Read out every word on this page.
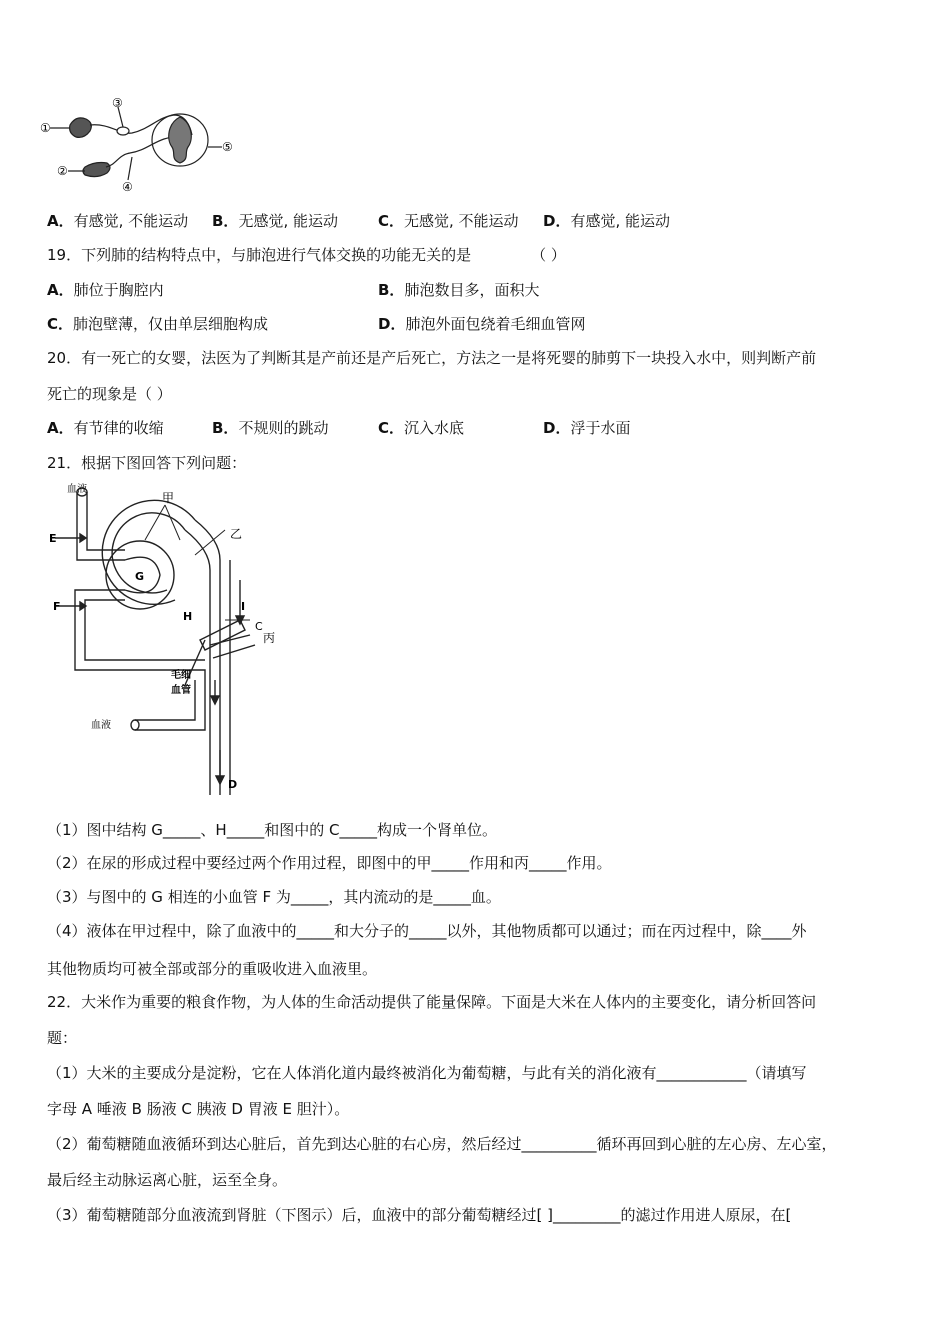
①
②
③
④
⑤
A．有感觉, 不能运动 B．无感觉, 能运动	C．无感觉, 不能运动 D．有感觉, 能运动
19．下列肺的结构特点中，与肺泡进行气体交换的功能无关的是	（ ）
A．肺位于胸腔内	B．肺泡数目多，面积大
C．肺泡壁薄，仅由单层细胞构成	D．肺泡外面包绕着毛细血管网
20．有一死亡的女婴，法医为了判断其是产前还是产后死亡，方法之一是将死婴的肺剪下一块投入水中，则判断产前
死亡的现象是（ ）
A．有节律的收缩	B．不规则的跳动	C．沉入水底	D．浮于水面
21．根据下图回答下列问题：
血液
甲
乙
E
G
F
H
I
C
丙
毛细
血管
血液
D
（1）图中结构 G_____、H_____和图中的 C_____构成一个肾单位。
（2）在尿的形成过程中要经过两个作用过程，即图中的甲_____作用和丙_____作用。
（3）与图中的 G 相连的小血管 F 为_____，其内流动的是_____血。
（4）液体在甲过程中，除了血液中的_____和大分子的_____以外，其他物质都可以通过；而在丙过程中，除____外
其他物质均可被全部或部分的重吸收进入血液里。
22．大米作为重要的粮食作物，为人体的生命活动提供了能量保障。下面是大米在人体内的主要变化，请分析回答问
题：
（1）大米的主要成分是淀粉，它在人体消化道内最终被消化为葡萄糖，与此有关的消化液有____________（请填写
字母 A 唾液 B 肠液 C 胰液 D 胃液 E 胆汁）。
（2）葡萄糖随血液循环到达心脏后，首先到达心脏的右心房，然后经过__________循环再回到心脏的左心房、左心室，
最后经主动脉运离心脏，运至全身。
（3）葡萄糖随部分血液流到肾脏（下图示）后，血液中的部分葡萄糖经过[ ]_________的滤过作用进人原尿，在[
